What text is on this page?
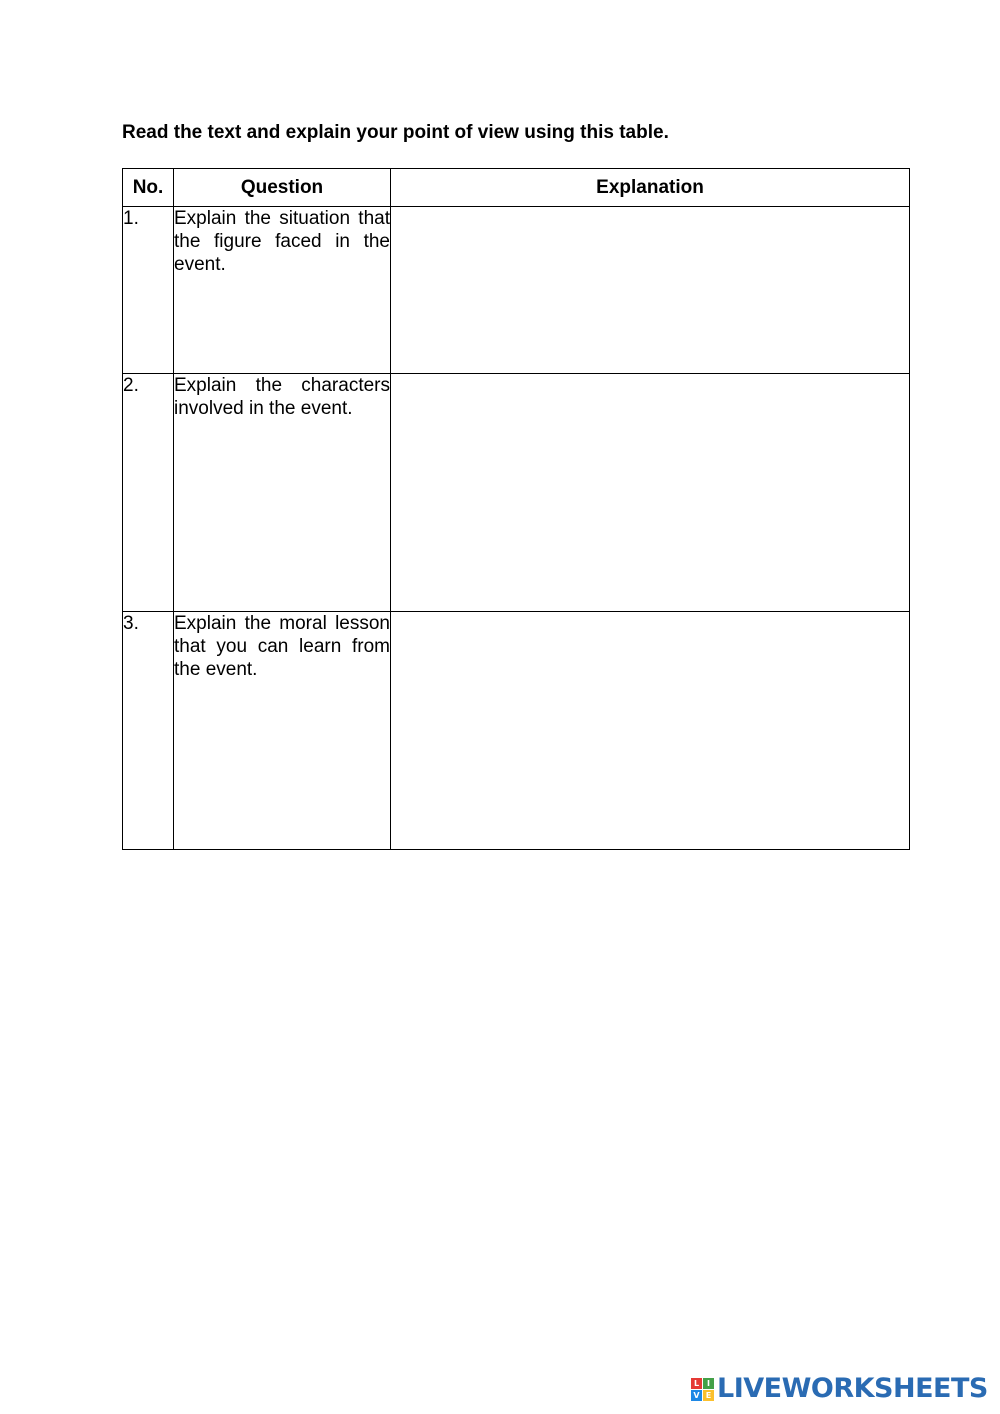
Read the text and explain your point of view using this table.

No.	Question	Explanation
1.	Explain the situation that the figure faced in the event.	

2.	Explain the characters involved in the event.	

3.	Explain the moral lesson that you can learn from the event.	
L I
V E LIVEWORKSHEETS
